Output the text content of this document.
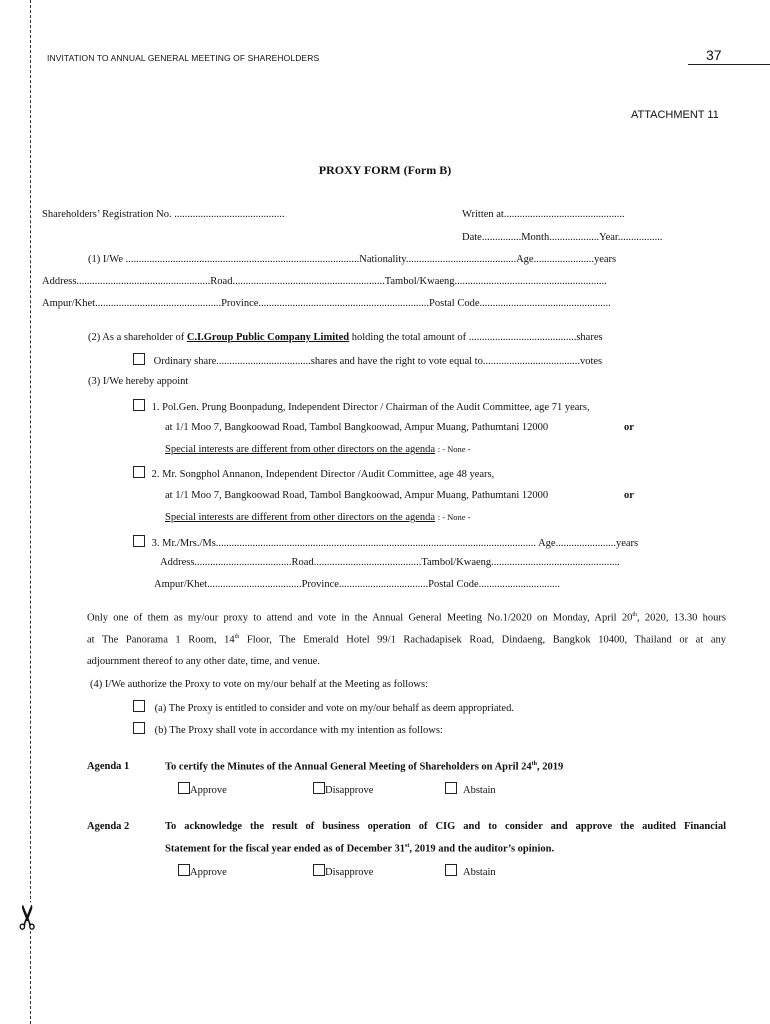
✂
INVITATION TO ANNUAL GENERAL MEETING OF SHAREHOLDERS	37
ATTACHMENT 11
PROXY FORM (Form B)
Shareholders’ Registration No. ..........................................	Written at..............................................
Date...............Month...................Year.................
(1) I/We .........................................................................................Nationality..........................................Age.......................years
Address...................................................Road..........................................................Tambol/Kwaeng..........................................................
Ampur/Khet................................................Province.................................................................Postal Code..................................................
(2) As a shareholder of C.I.Group Public Company Limited holding the total amount of .........................................shares
Ordinary share....................................shares and have the right to vote equal to.....................................votes
(3) I/We hereby appoint
1. Pol.Gen. Prung Boonpadung, Independent Director / Chairman of the Audit Committee, age 71 years,
at 1/1 Moo 7, Bangkoowad Road, Tambol Bangkoowad, Ampur Muang, Pathumtani 12000	or
Special interests are different from other directors on the agenda : - None -
2. Mr. Songphol Annanon, Independent Director /Audit Committee, age 48 years,
at 1/1 Moo 7, Bangkoowad Road, Tambol Bangkoowad, Ampur Muang, Pathumtani 12000	or
Special interests are different from other directors on the agenda : - None -
3. Mr./Mrs./Ms.......................................................................................................................... Age.......................years
Address.....................................Road.........................................Tambol/Kwaeng.................................................
Ampur/Khet....................................Province..................................Postal Code...............................
Only one of them as my/our proxy to attend and vote in the Annual General Meeting No.1/2020 on Monday, April 20th, 2020, 13.30 hours
at The Panorama 1 Room, 14th Floor, The Emerald Hotel 99/1 Rachadapisek Road, Dindaeng, Bangkok 10400, Thailand or at any
adjournment thereof to any other date, time, and venue.
(4) I/We authorize the Proxy to vote on my/our behalf at the Meeting as follows:
(a) The Proxy is entitled to consider and vote on my/our behalf as deem appropriated.
(b) The Proxy shall vote in accordance with my intention as follows:
Agenda 1	To certify the Minutes of the Annual General Meeting of Shareholders on April 24th, 2019
Approve	Disapprove	Abstain
Agenda 2	To acknowledge the result of business operation of CIG and to consider and approve the audited Financial
Statement for the fiscal year ended as of December 31st, 2019 and the auditor’s opinion.
Approve	Disapprove	Abstain
